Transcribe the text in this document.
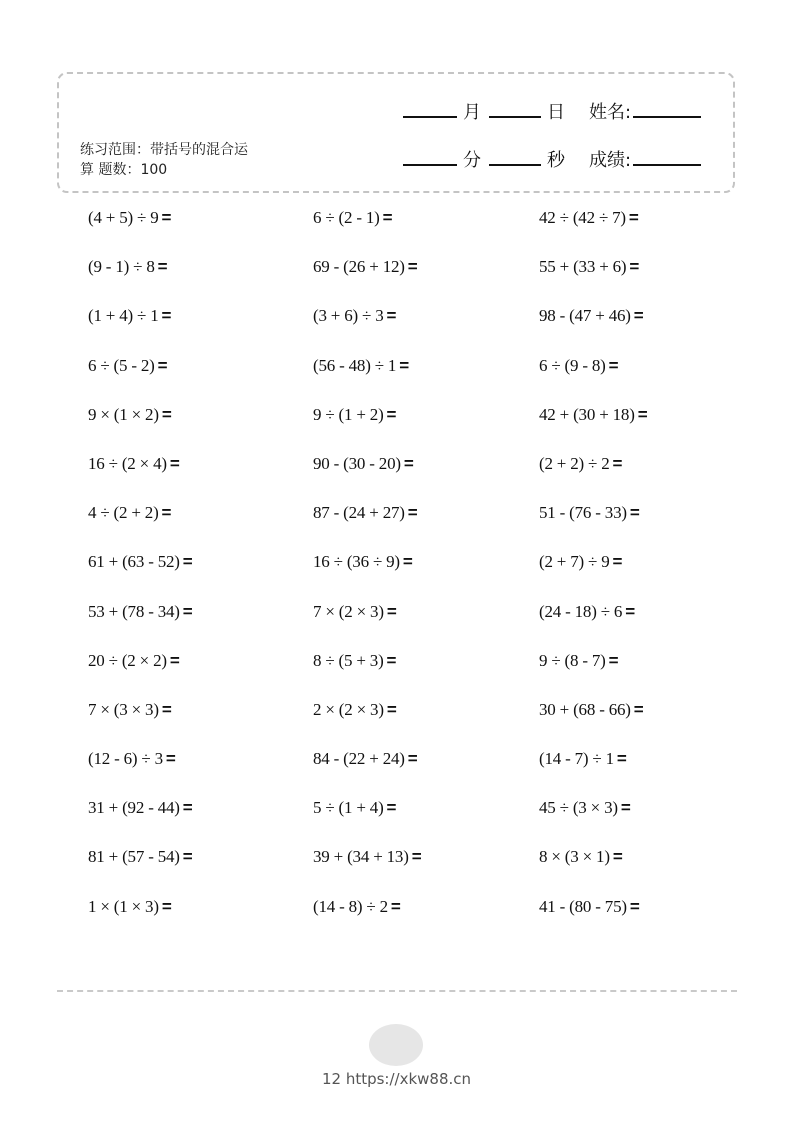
练习范围：带括号的混合运
算 题数：100
月	日 姓名:
分	秒 成绩:
(4 + 5) ÷ 9 =	6 ÷ (2 - 1) =	42 ÷ (42 ÷ 7) =
(9 - 1) ÷ 8 =	69 - (26 + 12) =	55 + (33 + 6) =
(1 + 4) ÷ 1 =	(3 + 6) ÷ 3 =	98 - (47 + 46) =
6 ÷ (5 - 2) =	(56 - 48) ÷ 1 =	6 ÷ (9 - 8) =
9 × (1 × 2) =	9 ÷ (1 + 2) =	42 + (30 + 18) =
16 ÷ (2 × 4) =	90 - (30 - 20) =	(2 + 2) ÷ 2 =
4 ÷ (2 + 2) =	87 - (24 + 27) =	51 - (76 - 33) =
61 + (63 - 52) =	16 ÷ (36 ÷ 9) =	(2 + 7) ÷ 9 =
53 + (78 - 34) =	7 × (2 × 3) =	(24 - 18) ÷ 6 =
20 ÷ (2 × 2) =	8 ÷ (5 + 3) =	9 ÷ (8 - 7) =
7 × (3 × 3) =	2 × (2 × 3) =	30 + (68 - 66) =
(12 - 6) ÷ 3 =	84 - (22 + 24) =	(14 - 7) ÷ 1 =
31 + (92 - 44) =	5 ÷ (1 + 4) =	45 ÷ (3 × 3) =
81 + (57 - 54) =	39 + (34 + 13) =	8 × (3 × 1) =
1 × (1 × 3) =	(14 - 8) ÷ 2 =	41 - (80 - 75) =
12 https://xkw88.cn
